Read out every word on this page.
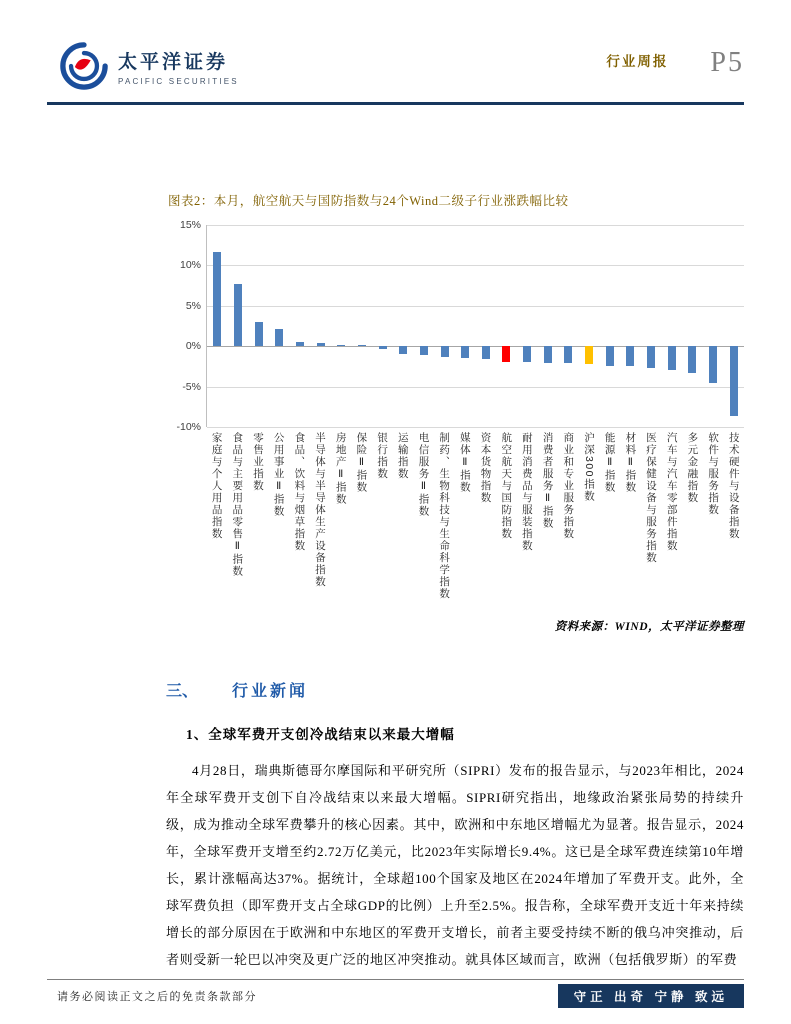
太平洋证券
PACIFIC SECURITIES
行业周报 P5
图表2：本月，航空航天与国防指数与24个Wind二级子行业涨跌幅比较
15%
10%
5%
0%
-5%
-10%
家庭与个人用品指数 食品与主要用品零售Ⅱ指数 零售业指数 公用事业Ⅱ指数 食品、饮料与烟草指数 半导体与半导体生产设备指数 房地产Ⅱ指数 保险Ⅱ指数 银行指数 运输指数 电信服务Ⅱ指数 制药、生物科技与生命科学指数 媒体Ⅱ指数 资本货物指数 航空航天与国防指数 耐用消费品与服装指数 消费者服务Ⅱ指数 商业和专业服务指数 沪深300指数 能源Ⅱ指数 材料Ⅱ指数 医疗保健设备与服务指数 汽车与汽车零部件指数 多元金融指数 软件与服务指数 技术硬件与设备指数
资料来源：WIND，太平洋证券整理
三、 行业新闻
1、全球军费开支创冷战结束以来最大增幅

4月28日，瑞典斯德哥尔摩国际和平研究所（SIPRI）发布的报告显示，与2023年相比，2024年全球军费开支创下自冷战结束以来最大增幅。SIPRI研究指出，地缘政治紧张局势的持续升级，成为推动全球军费攀升的核心因素。其中，欧洲和中东地区增幅尤为显著。报告显示，2024年，全球军费开支增至约2.72万亿美元，比2023年实际增长9.4%。这已是全球军费连续第10年增长，累计涨幅高达37%。据统计，全球超100个国家及地区在2024年增加了军费开支。此外，全球军费负担（即军费开支占全球GDP的比例）上升至2.5%。报告称，全球军费开支近十年来持续增长的部分原因在于欧洲和中东地区的军费开支增长，前者主要受持续不断的俄乌冲突推动，后者则受新一轮巴以冲突及更广泛的地区冲突推动。就具体区域而言，欧洲（包括俄罗斯）的军费

请务必阅读正文之后的免责条款部分	守正 出奇 宁静 致远
